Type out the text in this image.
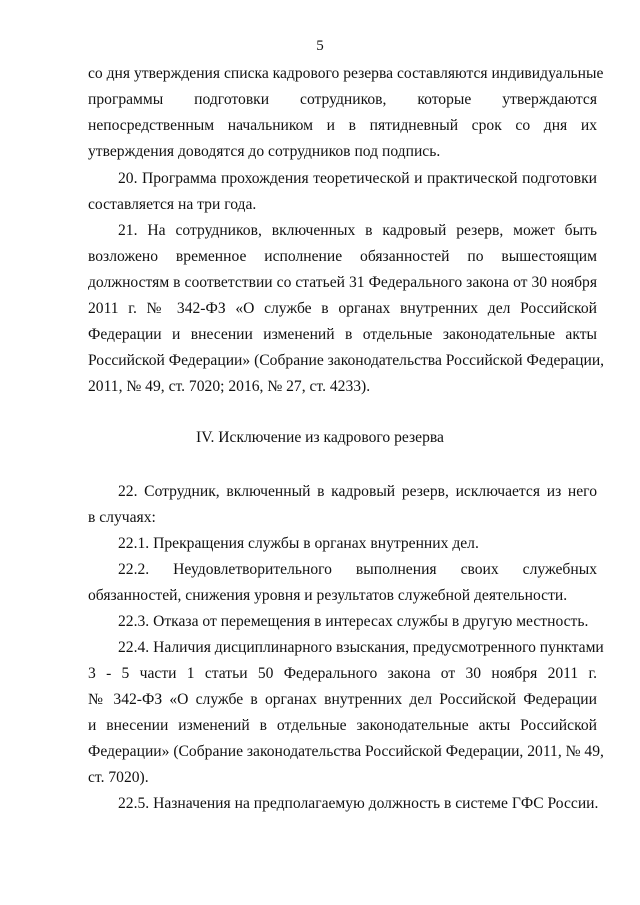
5
со дня утверждения списка кадрового резерва составляются индивидуальные
программы подготовки сотрудников, которые утверждаются
непосредственным начальником и в пятидневный срок со дня их
утверждения доводятся до сотрудников под подпись.
20. Программа прохождения теоретической и практической подготовки
составляется на три года.
21. На сотрудников, включенных в кадровый резерв, может быть
возложено временное исполнение обязанностей по вышестоящим
должностям в соответствии со статьей 31 Федерального закона от 30 ноября
2011 г. № 342-ФЗ «О службе в органах внутренних дел Российской
Федерации и внесении изменений в отдельные законодательные акты
Российской Федерации» (Собрание законодательства Российской Федерации,
2011, № 49, ст. 7020; 2016, № 27, ст. 4233).
IV. Исключение из кадрового резерва
22. Сотрудник, включенный в кадровый резерв, исключается из него
в случаях:
22.1. Прекращения службы в органах внутренних дел.
22.2. Неудовлетворительного выполнения своих служебных
обязанностей, снижения уровня и результатов служебной деятельности.
22.3. Отказа от перемещения в интересах службы в другую местность.
22.4. Наличия дисциплинарного взыскания, предусмотренного пунктами
3 - 5 части 1 статьи 50 Федерального закона от 30 ноября 2011 г.
№ 342-ФЗ «О службе в органах внутренних дел Российской Федерации
и внесении изменений в отдельные законодательные акты Российской
Федерации» (Собрание законодательства Российской Федерации, 2011, № 49,
ст. 7020).
22.5. Назначения на предполагаемую должность в системе ГФС России.
